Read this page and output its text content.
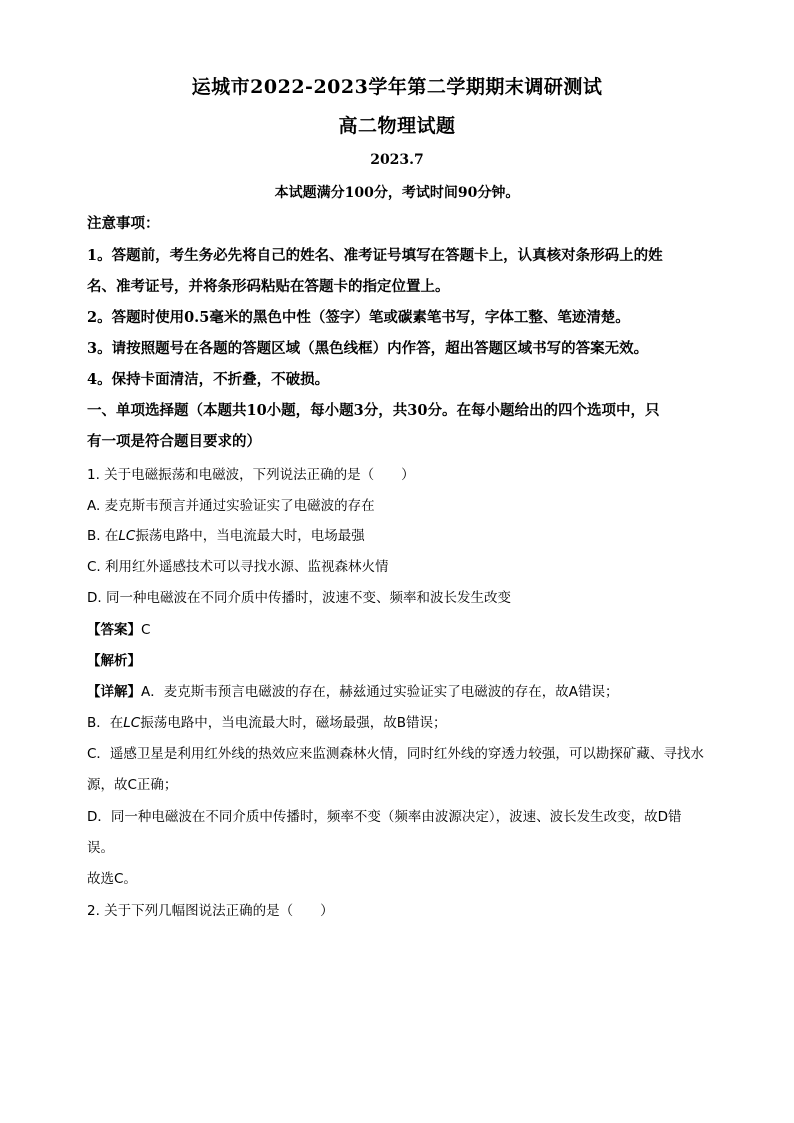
运城市2022-2023学年第二学期期末调研测试
高二物理试题
2023.7
本试题满分100分，考试时间90分钟。
注意事项：
1。答题前，考生务必先将自己的姓名、准考证号填写在答题卡上，认真核对条形码上的姓
名、准考证号，并将条形码粘贴在答题卡的指定位置上。
2。答题时使用0.5毫米的黑色中性（签字）笔或碳素笔书写，字体工整、笔迹清楚。
3。请按照题号在各题的答题区域（黑色线框）内作答，超出答题区域书写的答案无效。
4。保持卡面清洁，不折叠，不破损。
一、单项选择题（本题共10小题，每小题3分，共30分。在每小题给出的四个选项中，只
有一项是符合题目要求的）
1. 关于电磁振荡和电磁波，下列说法正确的是（　　）
A. 麦克斯韦预言并通过实验证实了电磁波的存在
B. 在LC振荡电路中，当电流最大时，电场最强
C. 利用红外遥感技术可以寻找水源、监视森林火情
D. 同一种电磁波在不同介质中传播时，波速不变、频率和波长发生改变
【答案】C
【解析】
【详解】A．麦克斯韦预言电磁波的存在，赫兹通过实验证实了电磁波的存在，故A错误；
B．在LC振荡电路中，当电流最大时，磁场最强，故B错误；
C．遥感卫星是利用红外线的热效应来监测森林火情，同时红外线的穿透力较强，可以勘探矿藏、寻找水
源，故C正确；
D．同一种电磁波在不同介质中传播时，频率不变（频率由波源决定），波速、波长发生改变，故D错
误。
故选C。
2. 关于下列几幅图说法正确的是（　　）
